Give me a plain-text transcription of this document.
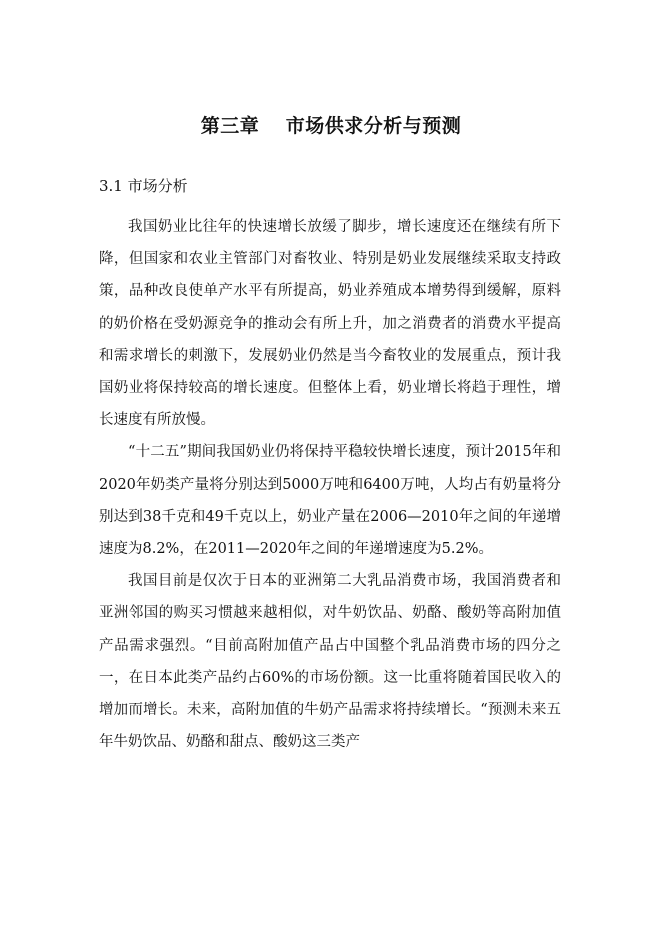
第三章　 市场供求分析与预测
3.1 市场分析

我国奶业比往年的快速增长放缓了脚步，增长速度还在继续有所下降，但国家和农业主管部门对畜牧业、特别是奶业发展继续采取支持政策，品种改良使单产水平有所提高，奶业养殖成本增势得到缓解，原料的奶价格在受奶源竞争的推动会有所上升，加之消费者的消费水平提高和需求增长的刺激下，发展奶业仍然是当今畜牧业的发展重点，预计我国奶业将保持较高的增长速度。但整体上看，奶业增长将趋于理性，增长速度有所放慢。

“十二五”期间我国奶业仍将保持平稳较快增长速度，预计2015年和2020年奶类产量将分别达到5000万吨和6400万吨，人均占有奶量将分别达到38千克和49千克以上，奶业产量在2006—2010年之间的年递增速度为8.2%，在2011—2020年之间的年递增速度为5.2%。

我国目前是仅次于日本的亚洲第二大乳品消费市场，我国消费者和亚洲邻国的购买习惯越来越相似，对牛奶饮品、奶酪、酸奶等高附加值产品需求强烈。“目前高附加值产品占中国整个乳品消费市场的四分之一，在日本此类产品约占60%的市场份额。这一比重将随着国民收入的增加而增长。未来，高附加值的牛奶产品需求将持续增长。“预测未来五年牛奶饮品、奶酪和甜点、酸奶这三类产
